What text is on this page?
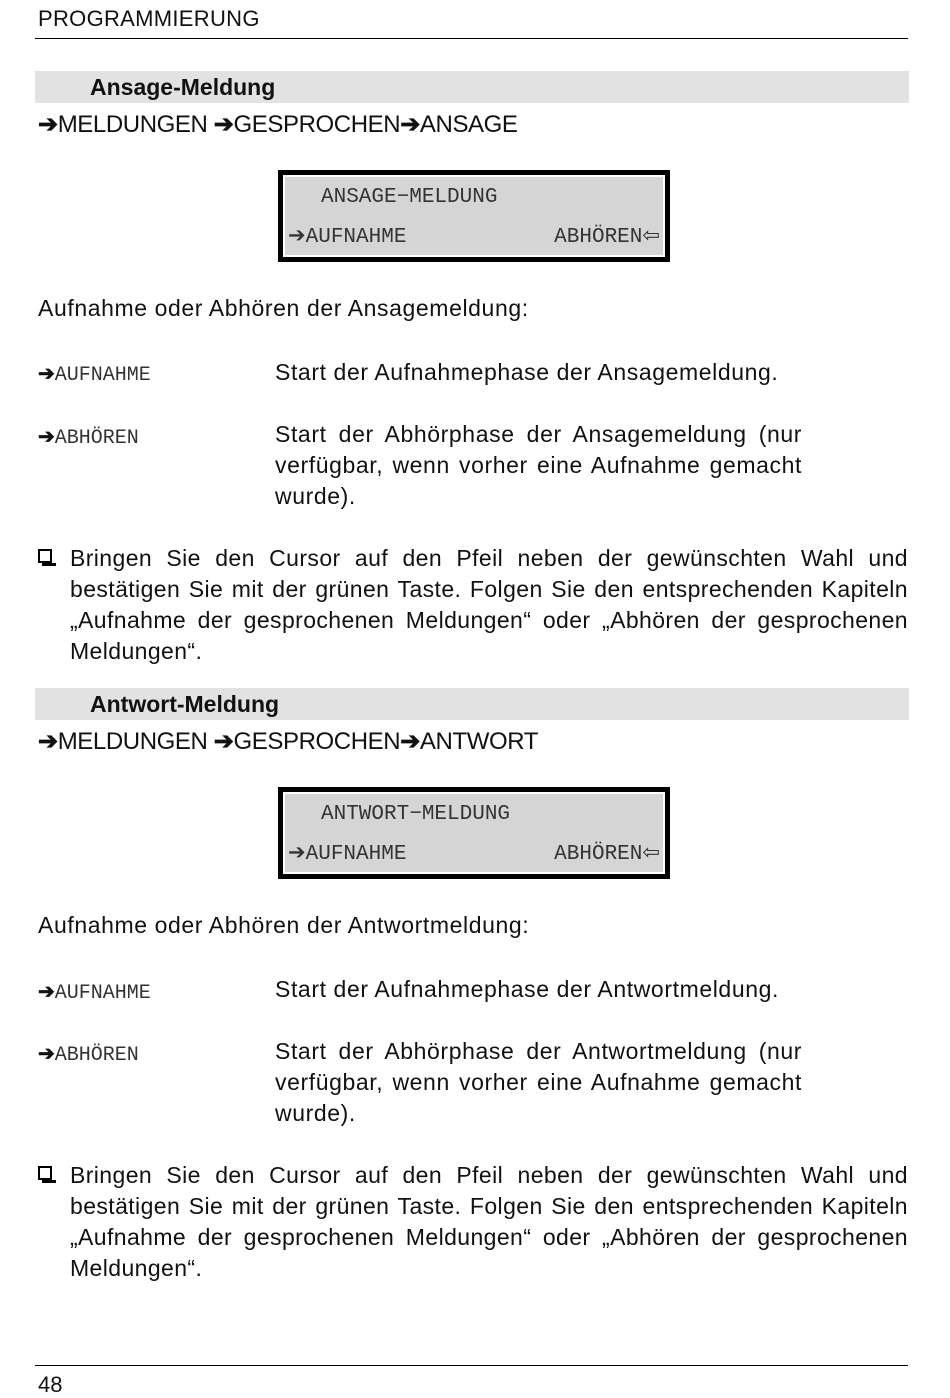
PROGRAMMIERUNG
Ansage-Meldung
➔MELDUNGEN ➔GESPROCHEN➔ANSAGE
ANSAGE−MELDUNG
➔AUFNAHME	ABHÖREN⇦
Aufnahme oder Abhören der Ansagemeldung:
➔AUFNAHME	Start der Aufnahmephase der Ansagemeldung.
➔ABHÖREN	Start der Abhörphase der Ansagemeldung (nur verfügbar, wenn vorher eine Aufnahme gemacht wurde).
Bringen Sie den Cursor auf den Pfeil neben der gewünschten Wahl und bestätigen Sie mit der grünen Taste. Folgen Sie den entsprechenden Kapiteln „Aufnahme der gesprochenen Meldungen“ oder „Abhören der gesprochenen Meldungen“.
Antwort-Meldung
➔MELDUNGEN ➔GESPROCHEN➔ANTWORT
ANTWORT−MELDUNG
➔AUFNAHME	ABHÖREN⇦
Aufnahme oder Abhören der Antwortmeldung:
➔AUFNAHME	Start der Aufnahmephase der Antwortmeldung.
➔ABHÖREN	Start der Abhörphase der Antwortmeldung (nur verfügbar, wenn vorher eine Aufnahme gemacht wurde).
Bringen Sie den Cursor auf den Pfeil neben der gewünschten Wahl und bestätigen Sie mit der grünen Taste. Folgen Sie den entsprechenden Kapiteln „Aufnahme der gesprochenen Meldungen“ oder „Abhören der gesprochenen Meldungen“.
48
